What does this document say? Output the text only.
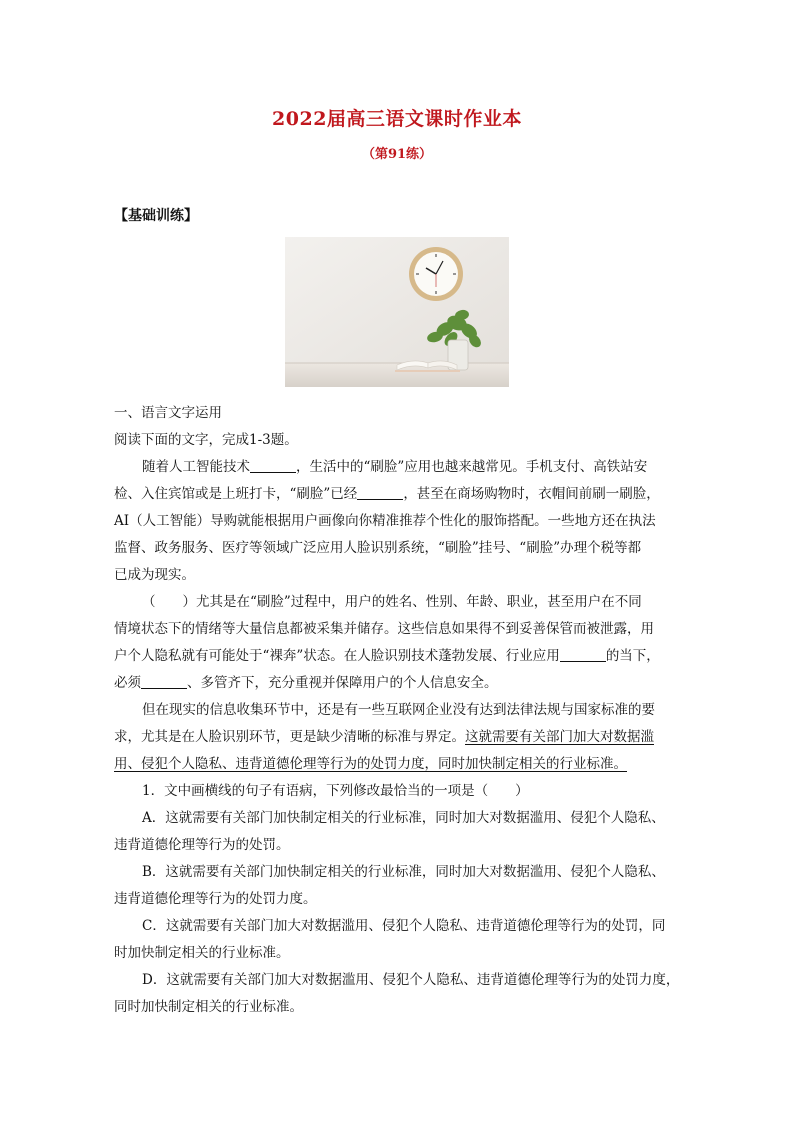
2022届高三语文课时作业本
（第91练）
【基础训练】
一、语言文字运用
阅读下面的文字，完成1-3题。
随着人工智能技术	，生活中的“刷脸”应用也越来越常见。手机支付、高铁站安
检、入住宾馆或是上班打卡，“刷脸”已经	，甚至在商场购物时，衣帽间前刷一刷脸，
AI（人工智能）导购就能根据用户画像向你精准推荐个性化的服饰搭配。一些地方还在执法
监督、政务服务、医疗等领域广泛应用人脸识别系统，“刷脸”挂号、“刷脸”办理个税等都
已成为现实。
（　　）尤其是在“刷脸”过程中，用户的姓名、性别、年龄、职业，甚至用户在不同
情境状态下的情绪等大量信息都被采集并储存。这些信息如果得不到妥善保管而被泄露，用
户个人隐私就有可能处于“裸奔”状态。在人脸识别技术蓬勃发展、行业应用	的当下，
必须	、多管齐下，充分重视并保障用户的个人信息安全。
但在现实的信息收集环节中，还是有一些互联网企业没有达到法律法规与国家标准的要
求，尤其是在人脸识别环节，更是缺少清晰的标准与界定。这就需要有关部门加大对数据滥
用、侵犯个人隐私、违背道德伦理等行为的处罚力度，同时加快制定相关的行业标准。
1．文中画横线的句子有语病，下列修改最恰当的一项是（　　）
A．这就需要有关部门加快制定相关的行业标准，同时加大对数据滥用、侵犯个人隐私、
违背道德伦理等行为的处罚。
B．这就需要有关部门加快制定相关的行业标准，同时加大对数据滥用、侵犯个人隐私、
违背道德伦理等行为的处罚力度。
C．这就需要有关部门加大对数据滥用、侵犯个人隐私、违背道德伦理等行为的处罚，同
时加快制定相关的行业标准。
D．这就需要有关部门加大对数据滥用、侵犯个人隐私、违背道德伦理等行为的处罚力度，
同时加快制定相关的行业标准。
